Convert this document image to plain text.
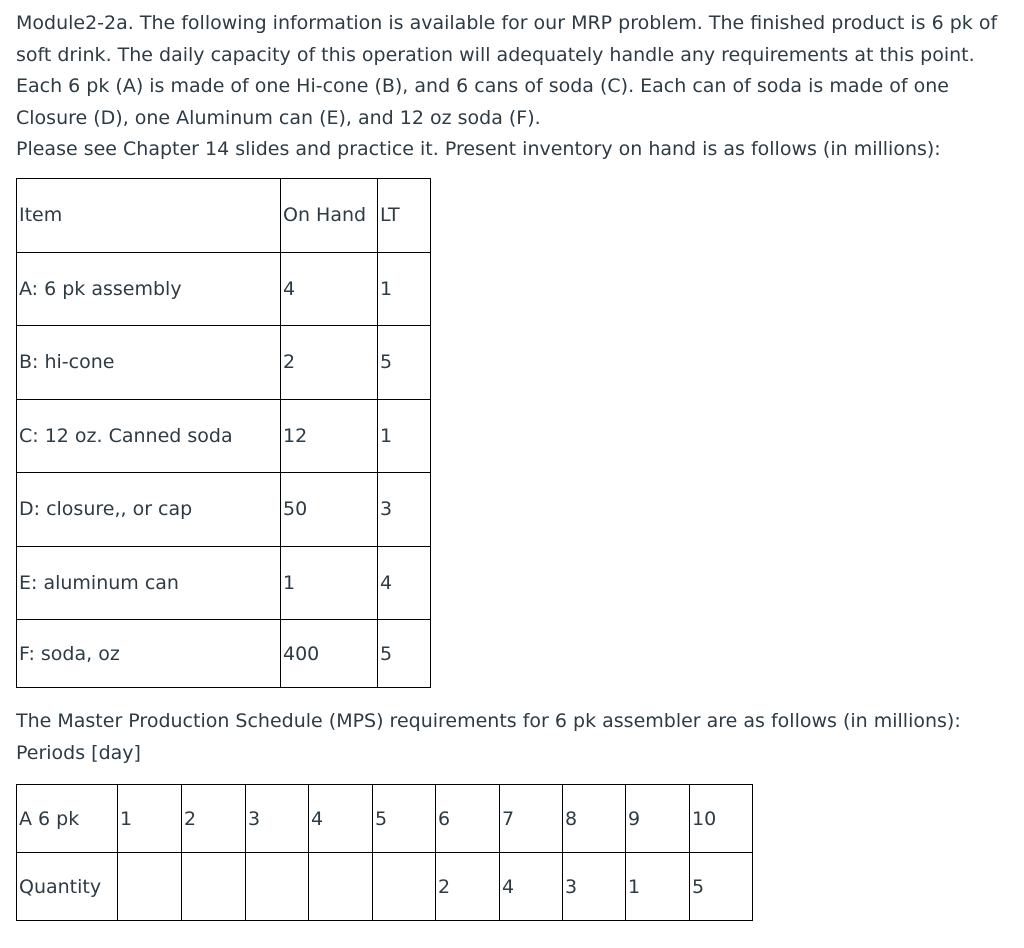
Module2-2a. The following information is available for our MRP problem. The finished product is 6 pk of soft drink. The daily capacity of this operation will adequately handle any requirements at this point. Each 6 pk (A) is made of one Hi-cone (B), and 6 cans of soda (C). Each can of soda is made of one Closure (D), one Aluminum can (E), and 12 oz soda (F).

Please see Chapter 14 slides and practice it. Present inventory on hand is as follows (in millions):

Item	On Hand	LT
A: 6 pk assembly	4	1
B: hi-cone	2	5
C: 12 oz. Canned soda	12	1
D: closure,, or cap	50	3
E: aluminum can	1	4
F: soda, oz	400	5

The Master Production Schedule (MPS) requirements for 6 pk assembler are as follows (in millions):

Periods [day]

A 6 pk	1	2	3	4	5	6	7	8	9	10
Quantity						2	4	3	1	5
